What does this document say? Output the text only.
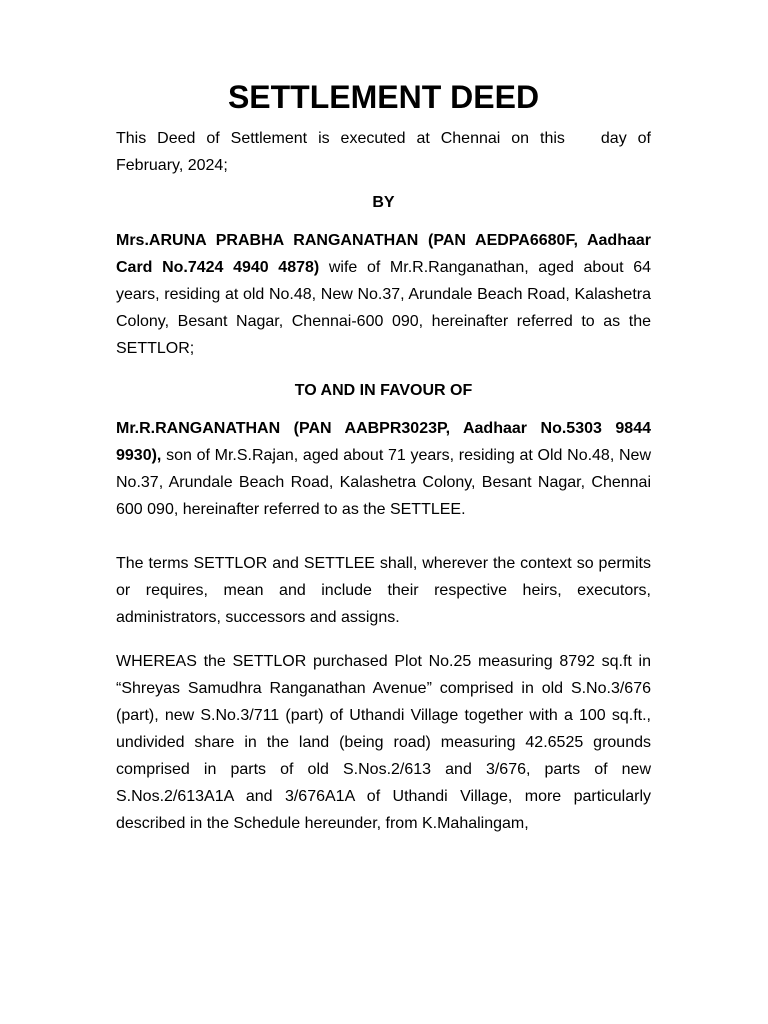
SETTLEMENT DEED

This Deed of Settlement is executed at Chennai on this day of February, 2024;

BY

Mrs.ARUNA PRABHA RANGANATHAN (PAN AEDPA6680F, Aadhaar Card No.7424 4940 4878) wife of Mr.R.Ranganathan, aged about 64 years, residing at old No.48, New No.37, Arundale Beach Road, Kalashetra Colony, Besant Nagar, Chennai-600 090, hereinafter referred to as the SETTLOR;

TO AND IN FAVOUR OF

Mr.R.RANGANATHAN (PAN AABPR3023P, Aadhaar No.5303 9844 9930), son of Mr.S.Rajan, aged about 71 years, residing at Old No.48, New No.37, Arundale Beach Road, Kalashetra Colony, Besant Nagar, Chennai 600 090, hereinafter referred to as the SETTLEE.

The terms SETTLOR and SETTLEE shall, wherever the context so permits or requires, mean and include their respective heirs, executors, administrators, successors and assigns.

WHEREAS the SETTLOR purchased Plot No.25 measuring 8792 sq.ft in “Shreyas Samudhra Ranganathan Avenue” comprised in old S.No.3/676 (part), new S.No.3/711 (part) of Uthandi Village together with a 100 sq.ft., undivided share in the land (being road) measuring 42.6525 grounds comprised in parts of old S.Nos.2/613 and 3/676, parts of new S.Nos.2/613A1A and 3/676A1A of Uthandi Village, more particularly described in the Schedule hereunder, from K.Mahalingam,
